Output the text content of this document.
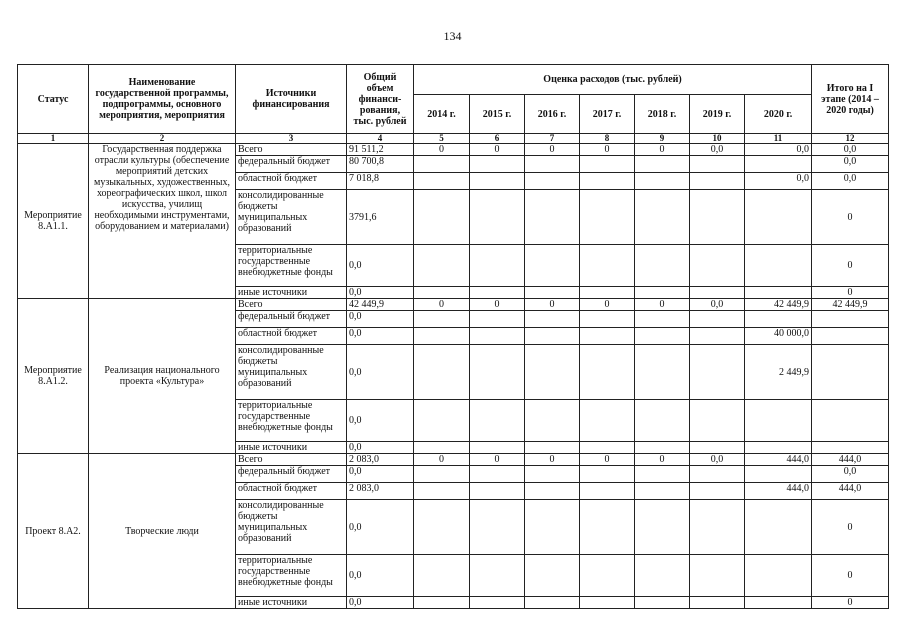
134
Статус	Наименование государственной программы, подпрограммы, основного мероприятия, мероприятия	Источники финансирования	Общий объем финанси-рования, тыс. рублей	Оценка расходов (тыс. рублей)							Итого на I этапе (2014 – 2020 годы)
				2014 г.	2015 г.	2016 г.	2017 г.	2018 г.	2019 г.	2020 г.	
1	2	3	4	5	6	7	8	9	10	11	12
Мероприятие 8.А1.1.	Государственная поддержка отрасли культуры (обеспечение мероприятий детских музыкальных, художественных, хореографических школ, школ искусства, училищ необходимыми инструментами, оборудованием и материалами)	Всего	91 511,2	0	0	0	0	0	0,0	0,0	0,0
		федеральный бюджет	80 700,8								0,0
		областной бюджет	7 018,8							0,0	0,0
		консолидированные бюджеты муниципальных образований	3791,6								0
		территориальные государственные внебюджетные фонды	0,0								0
		иные источники	0,0								0
Мероприятие 8.А1.2.	Реализация национального проекта «Культура»	Всего	42 449,9	0	0	0	0	0	0,0	42 449,9	42 449,9
		федеральный бюджет	0,0								
		областной бюджет	0,0							40 000,0	
		консолидированные бюджеты муниципальных образований	0,0							2 449,9	
		территориальные государственные внебюджетные фонды	0,0								
		иные источники	0,0								
Проект 8.А2.	Творческие люди	Всего	2 083,0	0	0	0	0	0	0,0	444,0	444,0
		федеральный бюджет	0,0								0,0
		областной бюджет	2 083,0							444,0	444,0
		консолидированные бюджеты муниципальных образований	0,0								0
		территориальные государственные внебюджетные фонды	0,0								0
		иные источники	0,0								0
